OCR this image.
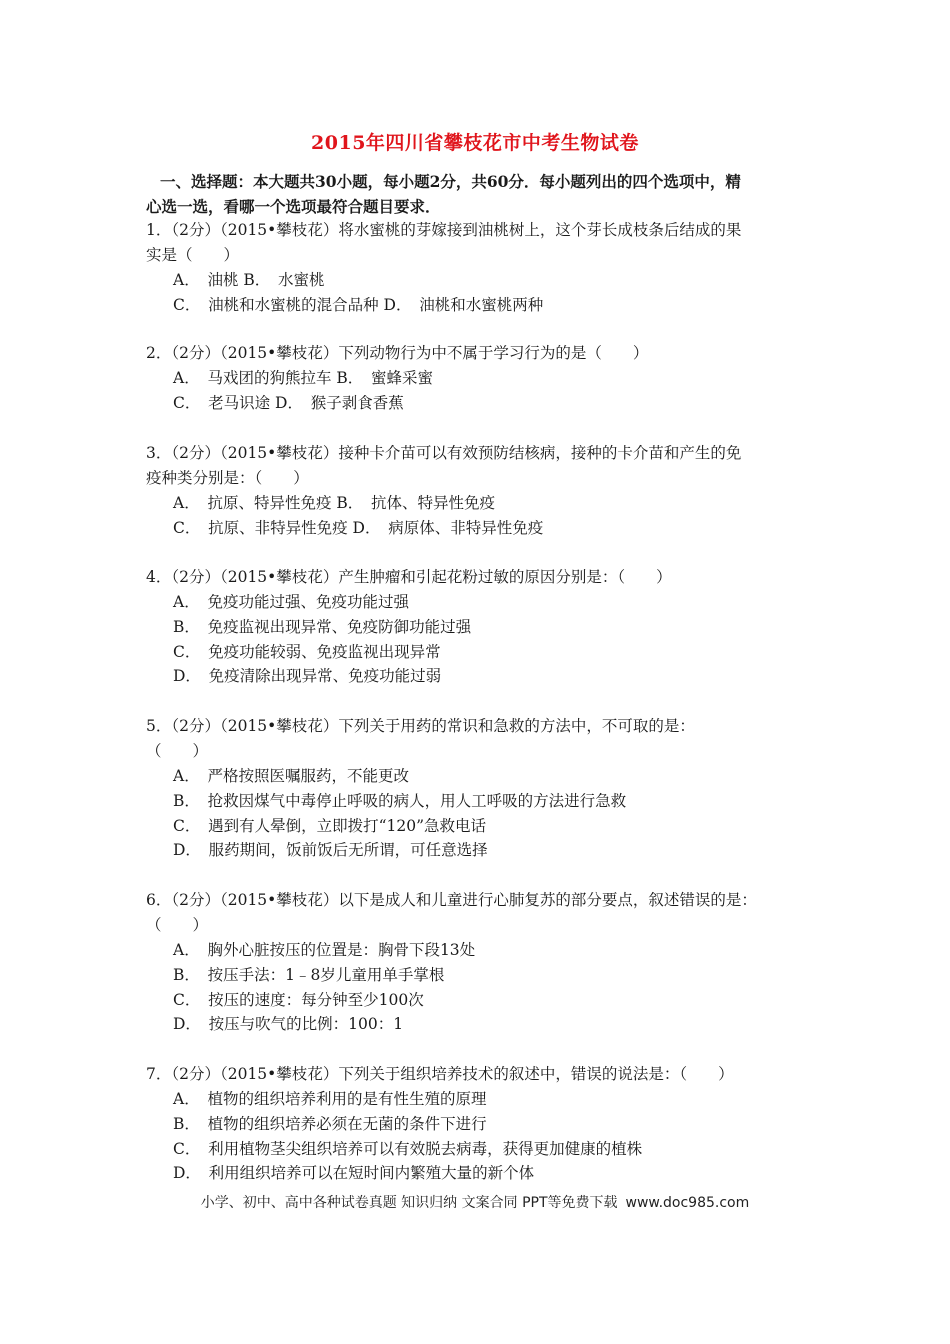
2015年四川省攀枝花市中考生物试卷
一、选择题：本大题共30小题，每小题2分，共60分．每小题列出的四个选项中，精
心选一选，看哪一个选项最符合题目要求．
1．（2分）（2015•攀枝花）将水蜜桃的芽嫁接到油桃树上，这个芽长成枝条后结成的果
实是（　　）
A．　油桃 B．　水蜜桃
C．　油桃和水蜜桃的混合品种 D．　油桃和水蜜桃两种
2．（2分）（2015•攀枝花）下列动物行为中不属于学习行为的是（　　）
A．　马戏团的狗熊拉车 B．　蜜蜂采蜜
C．　老马识途 D．　猴子剥食香蕉
3．（2分）（2015•攀枝花）接种卡介苗可以有效预防结核病，接种的卡介苗和产生的免
疫种类分别是：（　　）
A．　抗原、特异性免疫 B．　抗体、特异性免疫
C．　抗原、非特异性免疫 D．　病原体、非特异性免疫
4．（2分）（2015•攀枝花）产生肿瘤和引起花粉过敏的原因分别是：（　　）
A．　免疫功能过强、免疫功能过强
B．　免疫监视出现异常、免疫防御功能过强
C．　免疫功能较弱、免疫监视出现异常
D．　免疫清除出现异常、免疫功能过弱
5．（2分）（2015•攀枝花）下列关于用药的常识和急救的方法中，不可取的是：
（　　）
A．　严格按照医嘱服药，不能更改
B．　抢救因煤气中毒停止呼吸的病人，用人工呼吸的方法进行急救
C．　遇到有人晕倒，立即拨打“120”急救电话
D．　服药期间，饭前饭后无所谓，可任意选择
6．（2分）（2015•攀枝花）以下是成人和儿童进行心肺复苏的部分要点，叙述错误的是：
（　　）
A．　胸外心脏按压的位置是：胸骨下段13处
B．　按压手法：1﹣8岁儿童用单手掌根
C．　按压的速度：每分钟至少100次
D．　按压与吹气的比例：100：1
7．（2分）（2015•攀枝花）下列关于组织培养技术的叙述中，错误的说法是：（　　）
A．　植物的组织培养利用的是有性生殖的原理
B．　植物的组织培养必须在无菌的条件下进行
C．　利用植物茎尖组织培养可以有效脱去病毒，获得更加健康的植株
D．　利用组织培养可以在短时间内繁殖大量的新个体
小学、初中、高中各种试卷真题 知识归纳 文案合同 PPT等免费下载 www.doc985.com
